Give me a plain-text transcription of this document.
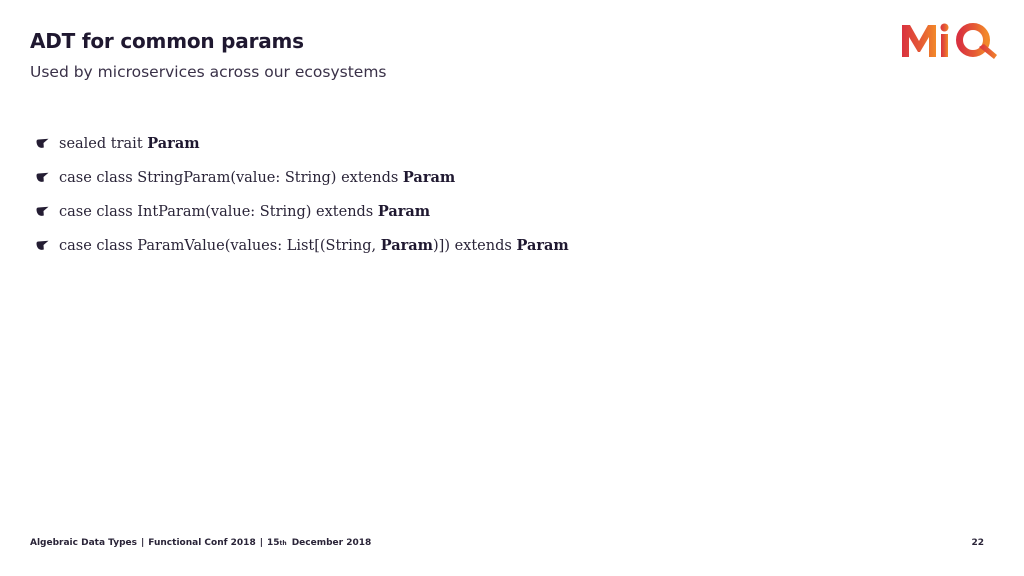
ADT for common params

Used by microservices across our ecosystems

sealed trait Param
case class StringParam(value: String) extends Param
case class IntParam(value: String) extends Param
case class ParamValue(values: List[(String, Param)]) extends Param
Algebraic Data Types | Functional Conf 2018 | 15 th December 2018	22
